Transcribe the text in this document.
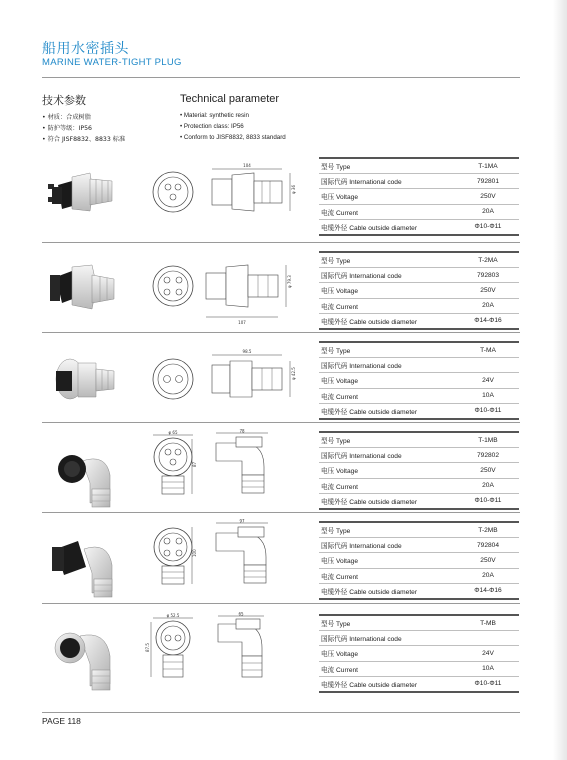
船用水密插头
MARINE WATER-TIGHT PLUG
技术参数	Technical parameter
• 材质：合成树脂
• 防护等级：IP56
• 符合 JISF8832、8833 标准
• Material: synthetic resin
• Protection class: IP56
• Conform to JISF8832, 8833 standard
104
φ 36
型号 Type	T-1MA
国际代码 International code	792801
电压 Voltage	250V
电流 Current	20A
电缆外径 Cable outside diameter	Φ10-Φ11
107
φ 79.3
型号 Type	T-2MA
国际代码 International code	792803
电压 Voltage	250V
电流 Current	20A
电缆外径 Cable outside diameter	Φ14-Φ16
98.5
φ 42.5
型号 Type	T-MA
国际代码 International code	
电压 Voltage	24V
电流 Current	10A
电缆外径 Cable outside diameter	Φ10-Φ11
φ 65
87
78
型号 Type	T-1MB
国际代码 International code	792802
电压 Voltage	250V
电流 Current	20A
电缆外径 Cable outside diameter	Φ10-Φ11
100
97
型号 Type	T-2MB
国际代码 International code	792804
电压 Voltage	250V
电流 Current	20A
电缆外径 Cable outside diameter	Φ14-Φ16
φ 52.5
87.5
65
型号 Type	T-MB
国际代码 International code	
电压 Voltage	24V
电流 Current	10A
电缆外径 Cable outside diameter	Φ10-Φ11
PAGE 118
